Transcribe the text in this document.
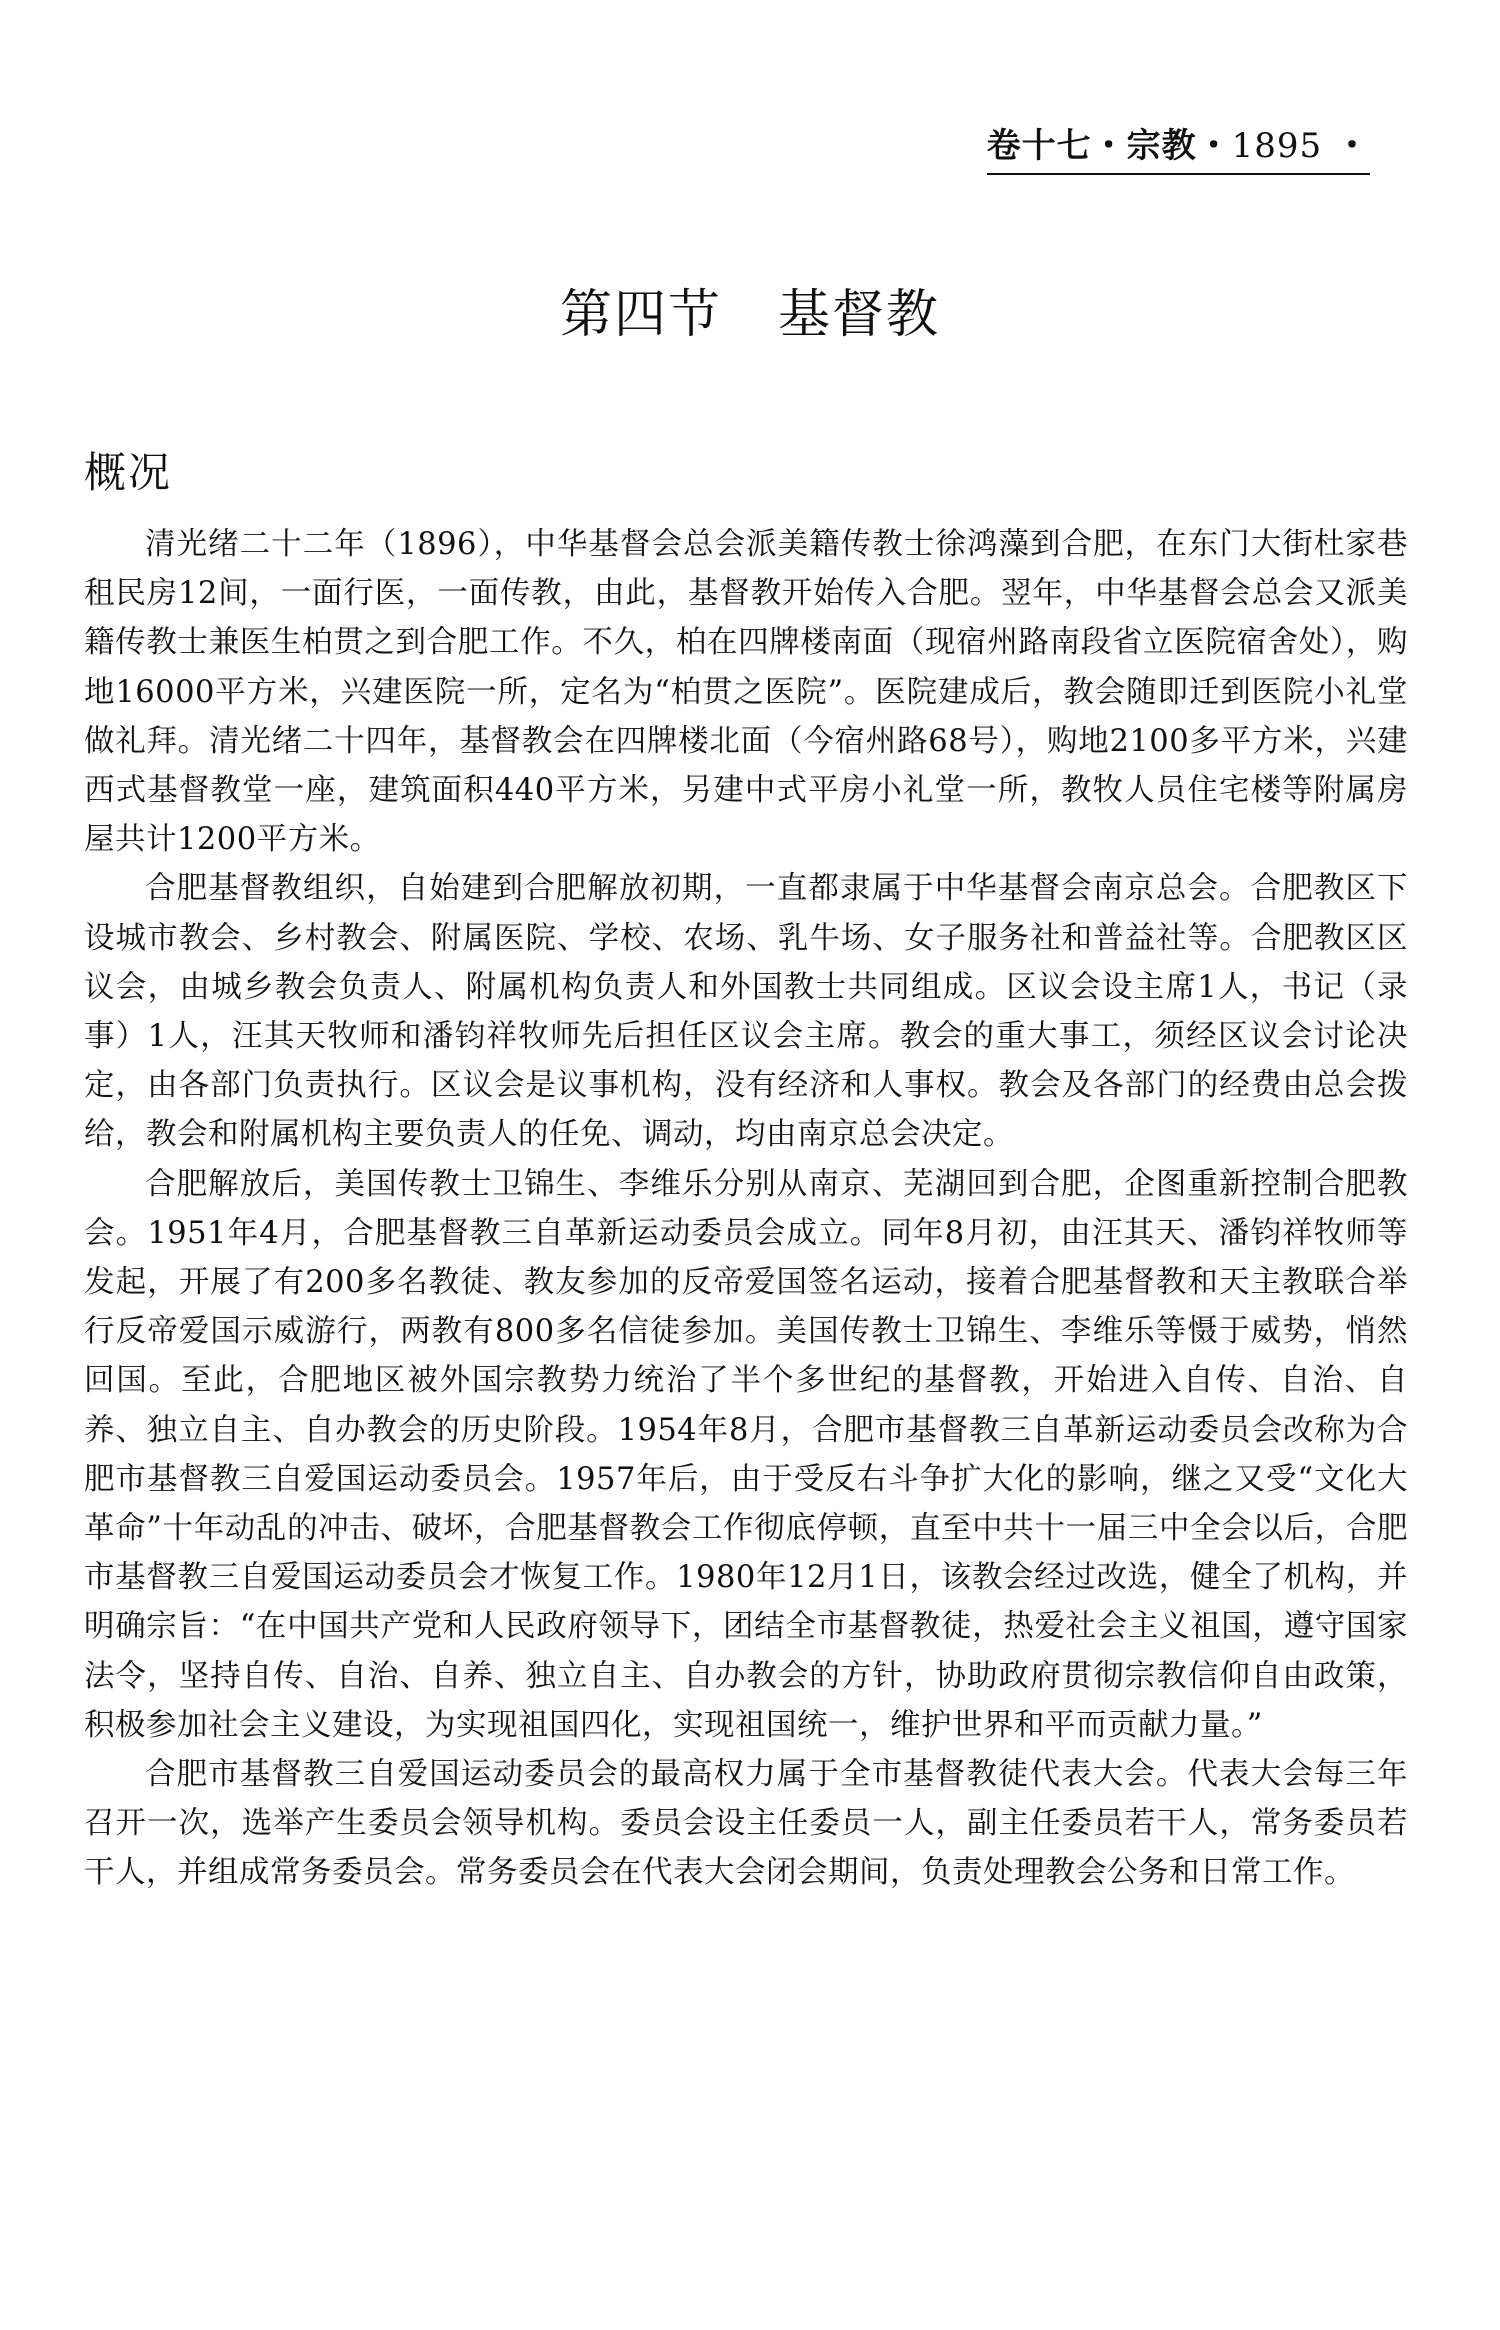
卷十七・宗教・1895 ・
第四节 基督教
概况

清光绪二十二年（1896），中华基督会总会派美籍传教士徐鸿藻到合肥，在东门大街杜家巷租民房12间，一面行医，一面传教，由此，基督教开始传入合肥。翌年，中华基督会总会又派美籍传教士兼医生柏贯之到合肥工作。不久，柏在四牌楼南面（现宿州路南段省立医院宿舍处），购地16000平方米，兴建医院一所，定名为“柏贯之医院”。医院建成后，教会随即迁到医院小礼堂做礼拜。清光绪二十四年，基督教会在四牌楼北面（今宿州路68号），购地2100多平方米，兴建西式基督教堂一座，建筑面积440平方米，另建中式平房小礼堂一所，教牧人员住宅楼等附属房屋共计1200平方米。

合肥基督教组织，自始建到合肥解放初期，一直都隶属于中华基督会南京总会。合肥教区下设城市教会、乡村教会、附属医院、学校、农场、乳牛场、女子服务社和普益社等。合肥教区区议会，由城乡教会负责人、附属机构负责人和外国教士共同组成。区议会设主席1人，书记（录事）1人，汪其天牧师和潘钧祥牧师先后担任区议会主席。教会的重大事工，须经区议会讨论决定，由各部门负责执行。区议会是议事机构，没有经济和人事权。教会及各部门的经费由总会拨给，教会和附属机构主要负责人的任免、调动，均由南京总会决定。

合肥解放后，美国传教士卫锦生、李维乐分别从南京、芜湖回到合肥，企图重新控制合肥教会。1951年4月，合肥基督教三自革新运动委员会成立。同年8月初，由汪其天、潘钧祥牧师等发起，开展了有200多名教徒、教友参加的反帝爱国签名运动，接着合肥基督教和天主教联合举行反帝爱国示威游行，两教有800多名信徒参加。美国传教士卫锦生、李维乐等慑于威势，悄然回国。至此，合肥地区被外国宗教势力统治了半个多世纪的基督教，开始进入自传、自治、自养、独立自主、自办教会的历史阶段。1954年8月，合肥市基督教三自革新运动委员会改称为合肥市基督教三自爱国运动委员会。1957年后，由于受反右斗争扩大化的影响，继之又受“文化大革命”十年动乱的冲击、破坏，合肥基督教会工作彻底停顿，直至中共十一届三中全会以后，合肥市基督教三自爱国运动委员会才恢复工作。1980年12月1日，该教会经过改选，健全了机构，并明确宗旨：“在中国共产党和人民政府领导下，团结全市基督教徒，热爱社会主义祖国，遵守国家法令，坚持自传、自治、自养、独立自主、自办教会的方针，协助政府贯彻宗教信仰自由政策，积极参加社会主义建设，为实现祖国四化，实现祖国统一，维护世界和平而贡献力量。”

合肥市基督教三自爱国运动委员会的最高权力属于全市基督教徒代表大会。代表大会每三年召开一次，选举产生委员会领导机构。委员会设主任委员一人，副主任委员若干人，常务委员若干人，并组成常务委员会。常务委员会在代表大会闭会期间，负责处理教会公务和日常工作。
